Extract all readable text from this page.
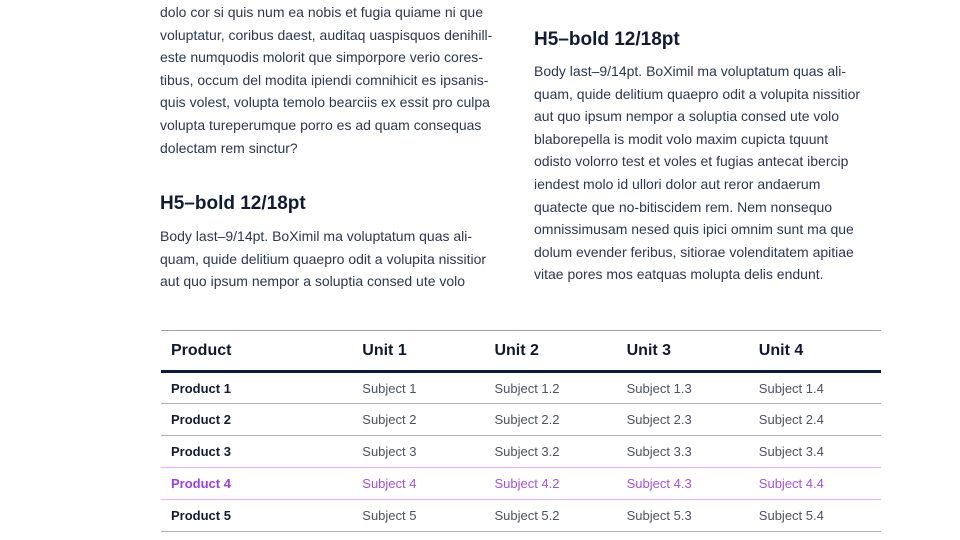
dolo cor si quis num ea nobis et fugia quiame ni que voluptatur, coribus daest, auditaq uaspisquos denihill-este numquodis molorit que simporpore verio cores-tibus, occum del modita ipiendi comnihicit es ipsanis-quis volest, volupta temolo bearciis ex essit pro culpa volupta tureperumque porro es ad quam consequas dolectam rem sinctur?

H5–bold 12/18pt

Body last–9/14pt. BoXimil ma voluptatum quas ali-quam, quide delitium quaepro odit a volupita nissitior aut quo ipsum nempor a soluptia consed ute volo

H5–bold 12/18pt

Body last–9/14pt. BoXimil ma voluptatum quas ali-quam, quide delitium quaepro odit a volupita nissitior aut quo ipsum nempor a soluptia consed ute volo blaborepella is modit volo maxim cupicta tquunt odisto volorro test et voles et fugias antecat ibercip iendest molo id ullori dolor aut reror andaerum quatecte que no-bitiscidem rem. Nem nonsequo omnissimusam nesed quis ipici omnim sunt ma que dolum evender feribus, sitiorae volenditatem apitiae vitae pores mos eatquas molupta delis endunt.

Product	Unit 1	Unit 2	Unit 3	Unit 4
Product 1	Subject 1	Subject 1.2	Subject 1.3	Subject 1.4
Product 2	Subject 2	Subject 2.2	Subject 2.3	Subject 2.4
Product 3	Subject 3	Subject 3.2	Subject 3.3	Subject 3.4
Product 4	Subject 4	Subject 4.2	Subject 4.3	Subject 4.4
Product 5	Subject 5	Subject 5.2	Subject 5.3	Subject 5.4
